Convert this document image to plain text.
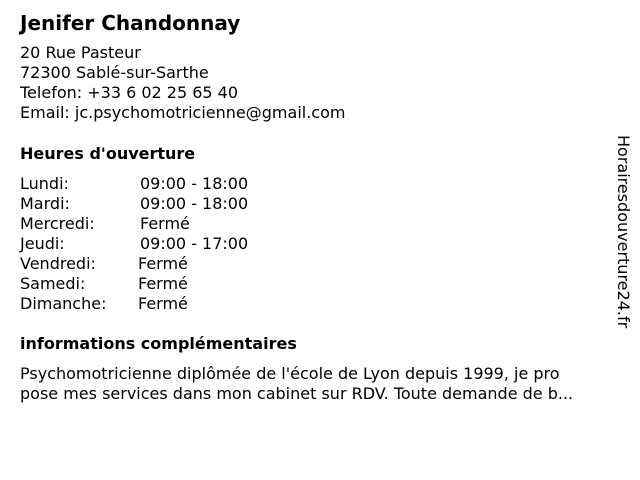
Jenifer Chandonnay
20 Rue Pasteur
72300 Sablé-sur-Sarthe
Telefon: +33 6 02 25 65 40
Email: jc.psychomotricienne@gmail.com
Heures d'ouverture
Lundi:	09:00 - 18:00
Mardi:	09:00 - 18:00
Mercredi:	Fermé
Jeudi:	09:00 - 17:00
Vendredi:	Fermé
Samedi:	Fermé
Dimanche: Fermé
informations complémentaires
Psychomotricienne diplômée de l'école de Lyon depuis 1999, je pro
pose mes services dans mon cabinet sur RDV. Toute demande de b...
Horairesdouverture24.fr
